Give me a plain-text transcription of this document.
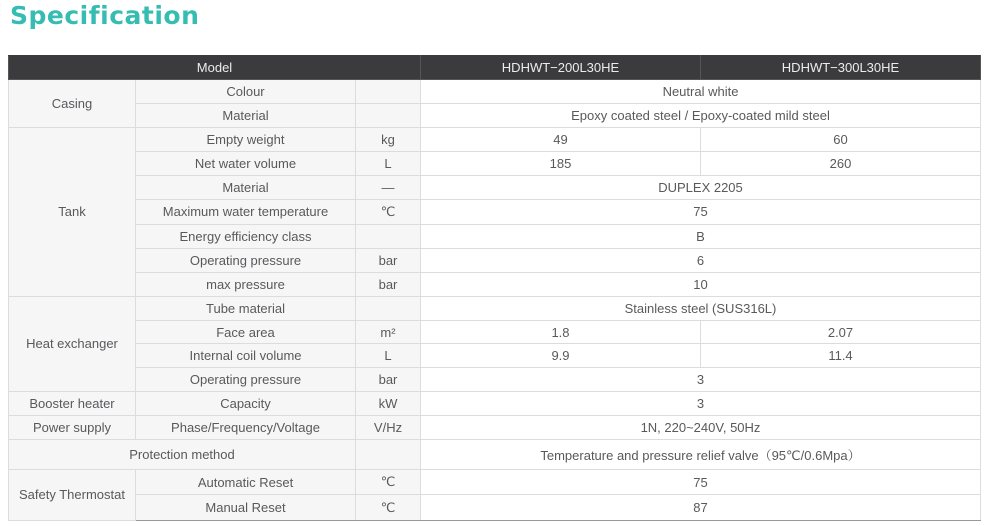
Specification
Model			HDHWT−200L30HE	HDHWT−300L30HE
Casing	Colour		Neutral white	
	Material		Epoxy coated steel / Epoxy-coated mild steel	
Tank	Empty weight	kg	49	60
	Net water volume	L	185	260
	Material	—	DUPLEX 2205	
	Maximum water temperature	℃	75	
	Energy efficiency class		B	
	Operating pressure	bar	6	
	max pressure	bar	10	
Heat exchanger	Tube material		Stainless steel (SUS316L)	
	Face area	m²	1.8	2.07
	Internal coil volume	L	9.9	11.4
	Operating pressure	bar	3	
Booster heater	Capacity	kW	3	
Power supply	Phase/Frequency/Voltage	V/Hz	1N, 220~240V, 50Hz	
Protection method			Temperature and pressure relief valve（95℃/0.6Mpa）	
Safety Thermostat	Automatic Reset	℃	75	
	Manual Reset	℃	87	
